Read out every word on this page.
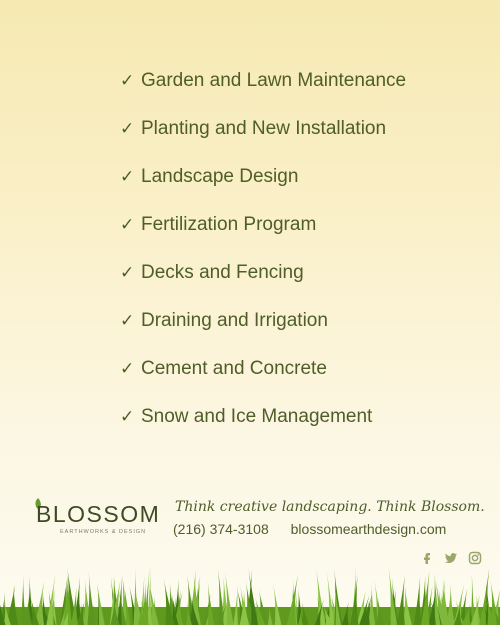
✓ Garden and Lawn Maintenance
✓ Planting and New Installation
✓ Landscape Design
✓ Fertilization Program
✓ Decks and Fencing
✓ Draining and Irrigation
✓ Cement and Concrete
✓ Snow and Ice Management
BLOSSOM
EARTHWORKS & DESIGN
Think creative landscaping. Think Blossom.
(216) 374-3108 blossomearthdesign.com
